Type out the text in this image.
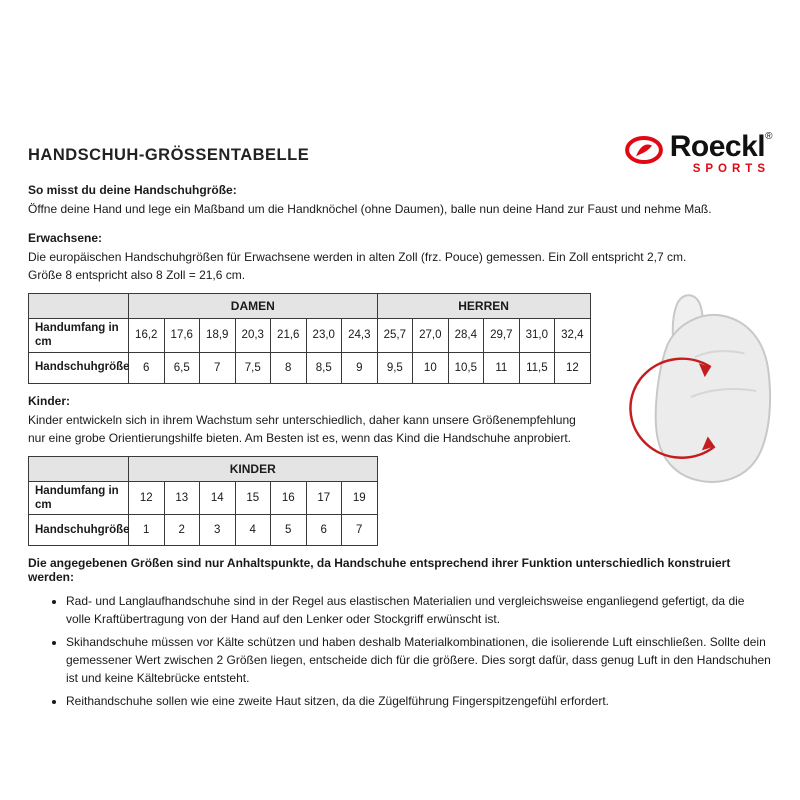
Roeckl®
SPORTS
HANDSCHUH-GRÖSSENTABELLE
So misst du deine Handschuhgröße:
Öffne deine Hand und lege ein Maßband um die Handknöchel (ohne Daumen), balle nun deine Hand zur Faust und nehme Maß.
Erwachsene:
Die europäischen Handschuhgrößen für Erwachsene werden in alten Zoll (frz. Pouce) gemessen. Ein Zoll entspricht 2,7 cm.
Größe 8 entspricht also 8 Zoll = 21,6 cm.
	DAMEN							HERREN					
Handumfang in cm	16,2	17,6	18,9	20,3	21,6	23,0	24,3	25,7	27,0	28,4	29,7	31,0	32,4
Handschuhgröße	6	6,5	7	7,5	8	8,5	9	9,5	10	10,5	11	11,5	12
Kinder:
Kinder entwickeln sich in ihrem Wachstum sehr unterschiedlich, daher kann unsere Größenempfehlung
nur eine grobe Orientierungshilfe bieten. Am Besten ist es, wenn das Kind die Handschuhe anprobiert.
	KINDER						
Handumfang in cm	12	13	14	15	16	17	19
Handschuhgröße	1	2	3	4	5	6	7
Die angegebenen Größen sind nur Anhaltspunkte, da Handschuhe entsprechend ihrer Funktion unterschiedlich konstruiert werden:
• Rad- und Langlaufhandschuhe sind in der Regel aus elastischen Materialien und vergleichsweise enganliegend gefertigt, da die volle Kraftübertragung von der Hand auf den Lenker oder Stockgriff erwünscht ist.
• Skihandschuhe müssen vor Kälte schützen und haben deshalb Materialkombinationen, die isolierende Luft einschließen. Sollte dein gemessener Wert zwischen 2 Größen liegen, entscheide dich für die größere. Dies sorgt dafür, dass genug Luft in den Handschuhen ist und keine Kältebrücke entsteht.
• Reithandschuhe sollen wie eine zweite Haut sitzen, da die Zügelführung Fingerspitzengefühl erfordert.
